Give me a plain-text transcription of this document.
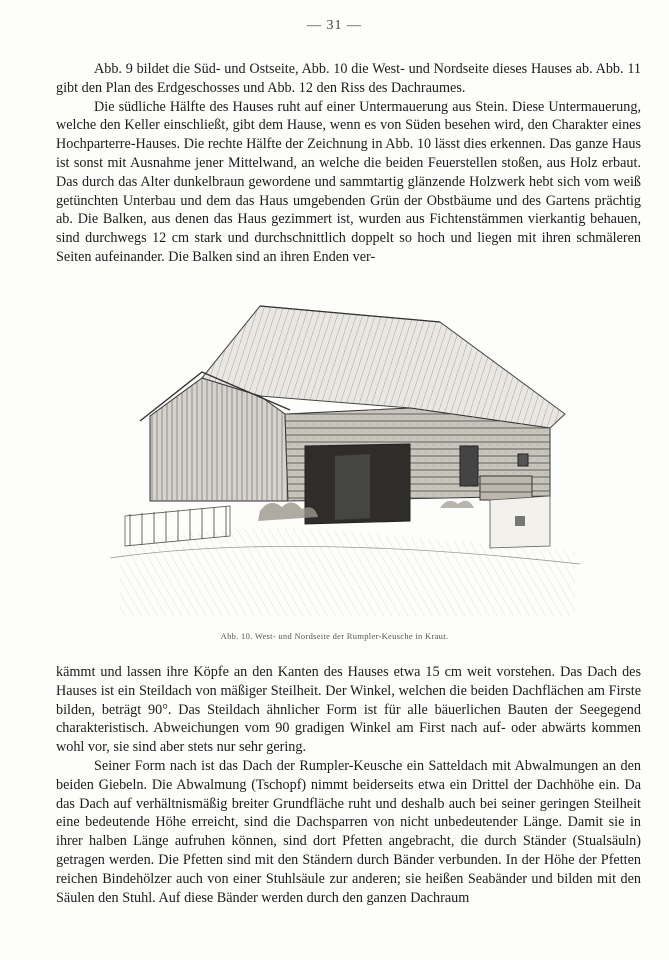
— 31 —

Abb. 9 bildet die Süd- und Ostseite, Abb. 10 die West- und Nordseite dieses Hauses ab. Abb. 11 gibt den Plan des Erdgeschosses und Abb. 12 den Riss des Dachraumes.

Die südliche Hälfte des Hauses ruht auf einer Untermauerung aus Stein. Diese Untermauerung, welche den Keller einschließt, gibt dem Hause, wenn es von Süden besehen wird, den Charakter eines Hochparterre-Hauses. Die rechte Hälfte der Zeichnung in Abb. 10 lässt dies erkennen. Das ganze Haus ist sonst mit Ausnahme jener Mittelwand, an welche die beiden Feuerstellen stoßen, aus Holz erbaut. Das durch das Alter dunkelbraun gewordene und sammtartig glänzende Holzwerk hebt sich vom weiß getünchten Unterbau und dem das Haus umgebenden Grün der Obstbäume und des Gartens prächtig ab. Die Balken, aus denen das Haus gezimmert ist, wurden aus Fichtenstämmen vierkantig behauen, sind durchwegs 12 cm stark und durchschnittlich doppelt so hoch und liegen mit ihren schmäleren Seiten aufeinander. Die Balken sind an ihren Enden ver-

Abb. 10. West- und Nordseite der Rumpler-Keusche in Kraut.

kämmt und lassen ihre Köpfe an den Kanten des Hauses etwa 15 cm weit vorstehen. Das Dach des Hauses ist ein Steildach von mäßiger Steilheit. Der Winkel, welchen die beiden Dachflächen am Firste bilden, beträgt 90°. Das Steildach ähnlicher Form ist für alle bäuerlichen Bauten der Seegegend charakteristisch. Abweichungen vom 90 gradigen Winkel am First nach auf- oder abwärts kommen wohl vor, sie sind aber stets nur sehr gering.

Seiner Form nach ist das Dach der Rumpler-Keusche ein Satteldach mit Abwalmungen an den beiden Giebeln. Die Abwalmung (Tschopf) nimmt beiderseits etwa ein Drittel der Dachhöhe ein. Da das Dach auf verhältnismäßig breiter Grundfläche ruht und deshalb auch bei seiner geringen Steilheit eine bedeutende Höhe erreicht, sind die Dachsparren von nicht unbedeutender Länge. Damit sie in ihrer halben Länge aufruhen können, sind dort Pfetten angebracht, die durch Ständer (Stualsäuln) getragen werden. Die Pfetten sind mit den Ständern durch Bänder verbunden. In der Höhe der Pfetten reichen Bindehölzer auch von einer Stuhlsäule zur anderen; sie heißen Seabänder und bilden mit den Säulen den Stuhl. Auf diese Bänder werden durch den ganzen Dachraum
